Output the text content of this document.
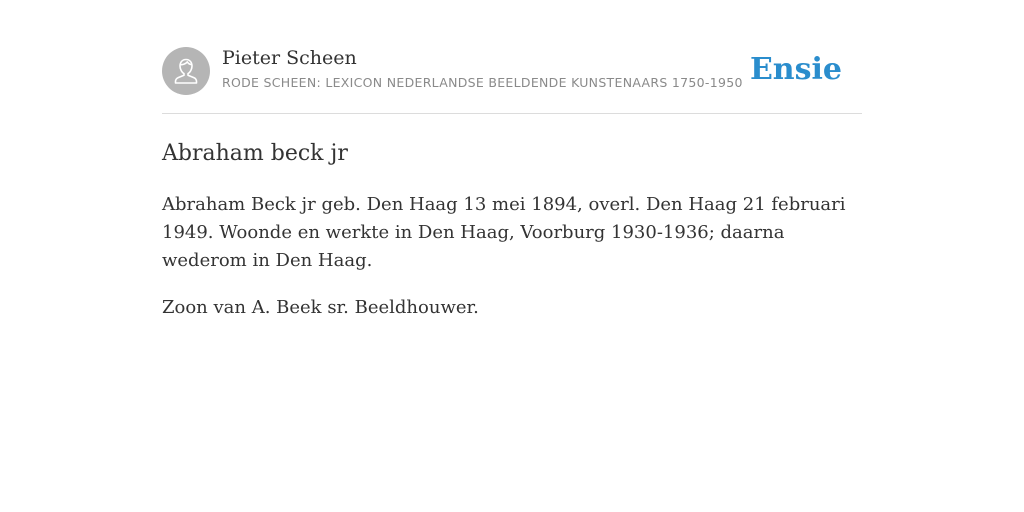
Pieter Scheen
RODE SCHEEN: LEXICON NEDERLANDSE BEELDENDE KUNSTENAARS 1750-1950 Ensie
Abraham beck jr

Abraham Beck jr geb. Den Haag 13 mei 1894, overl. Den Haag 21 februari 1949. Woonde en werkte in Den Haag, Voorburg 1930-1936; daarna wederom in Den Haag.

Zoon van A. Beek sr. Beeldhouwer.
